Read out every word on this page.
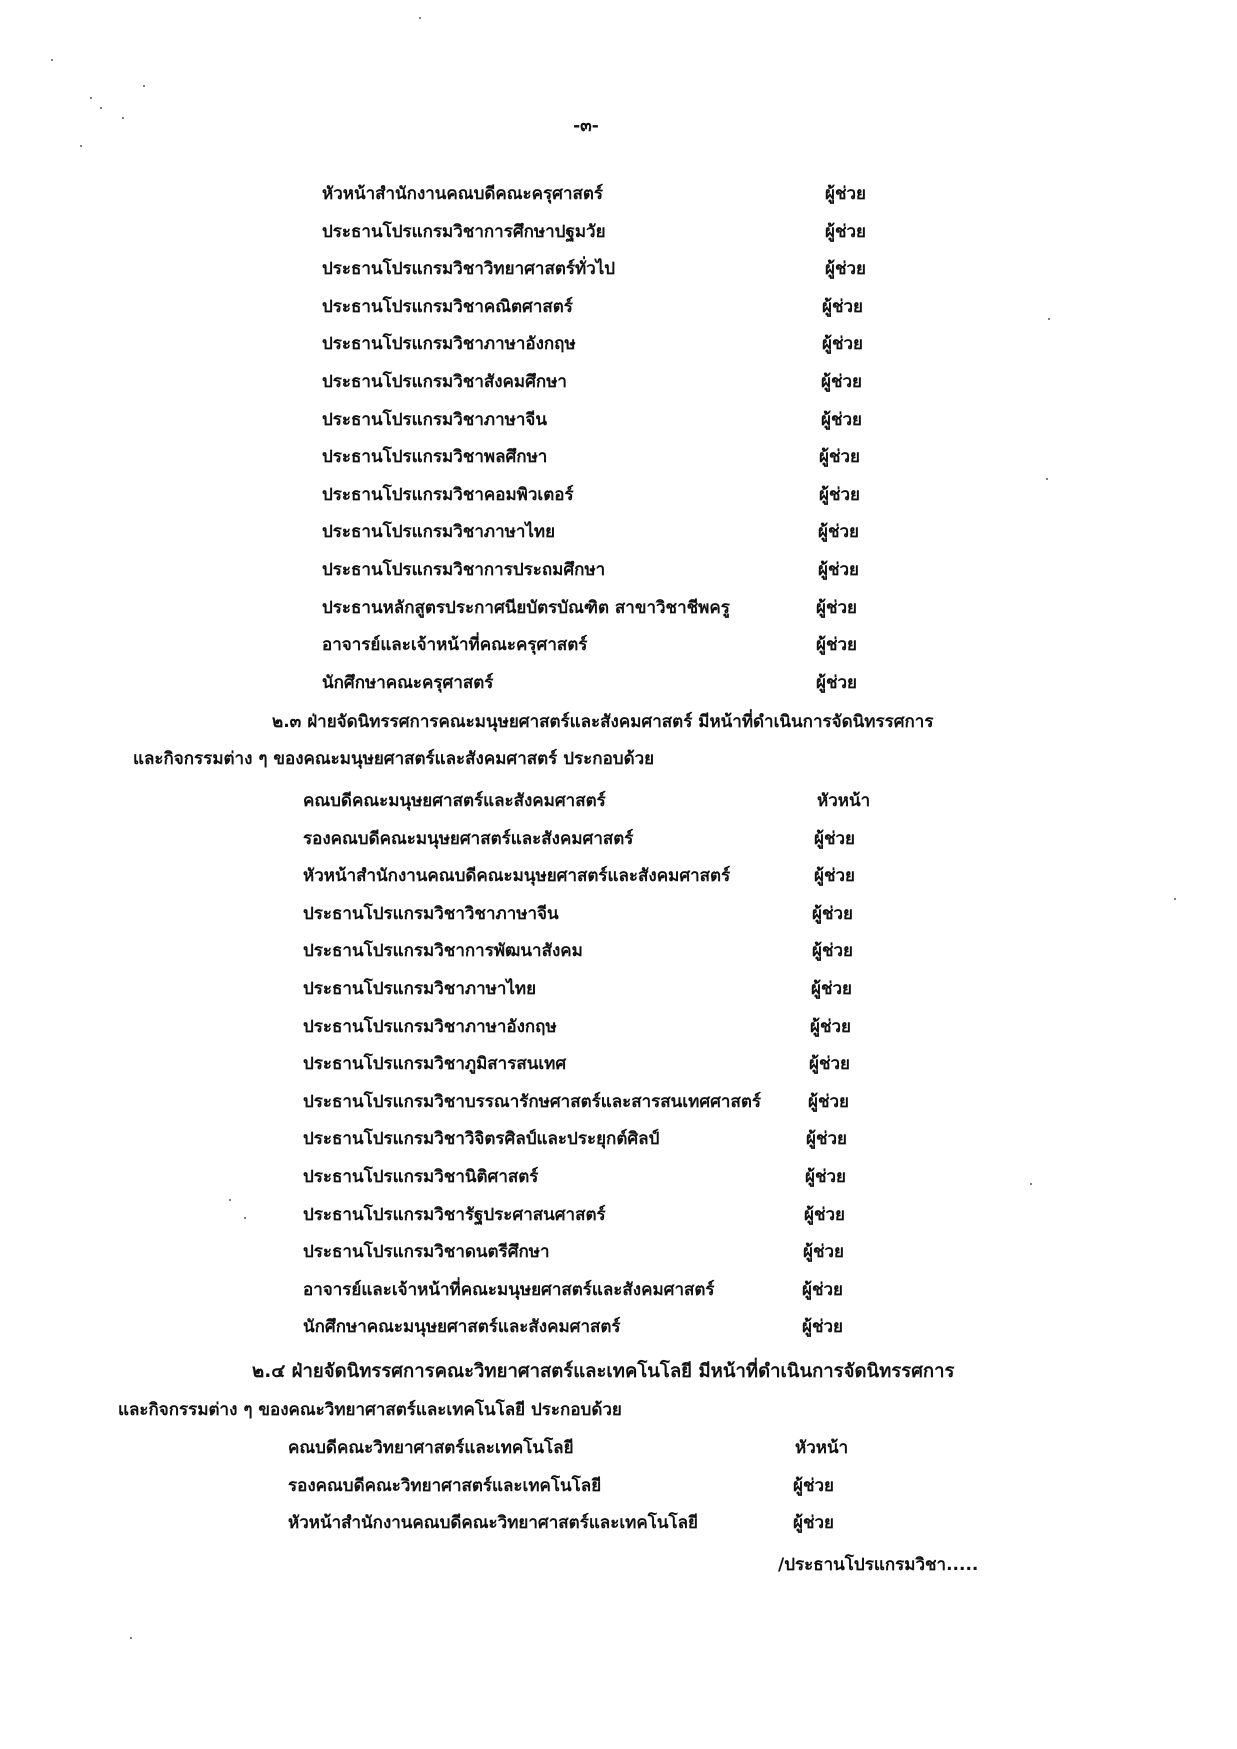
-๓-
หัวหน้าสำนักงานคณบดีคณะครุศาสตร์	ผู้ช่วย
ประธานโปรแกรมวิชาการศึกษาปฐมวัย	ผู้ช่วย
ประธานโปรแกรมวิชาวิทยาศาสตร์ทั่วไป	ผู้ช่วย
ประธานโปรแกรมวิชาคณิตศาสตร์	ผู้ช่วย
ประธานโปรแกรมวิชาภาษาอังกฤษ	ผู้ช่วย
ประธานโปรแกรมวิชาสังคมศึกษา	ผู้ช่วย
ประธานโปรแกรมวิชาภาษาจีน	ผู้ช่วย
ประธานโปรแกรมวิชาพลศึกษา	ผู้ช่วย
ประธานโปรแกรมวิชาคอมพิวเตอร์	ผู้ช่วย
ประธานโปรแกรมวิชาภาษาไทย	ผู้ช่วย
ประธานโปรแกรมวิชาการประถมศึกษา	ผู้ช่วย
ประธานหลักสูตรประกาศนียบัตรบัณฑิต สาขาวิชาชีพครู	ผู้ช่วย
อาจารย์และเจ้าหน้าที่คณะครุศาสตร์	ผู้ช่วย
นักศึกษาคณะครุศาสตร์	ผู้ช่วย
๒.๓ ฝ่ายจัดนิทรรศการคณะมนุษยศาสตร์และสังคมศาสตร์ มีหน้าที่ดำเนินการจัดนิทรรศการ
และกิจกรรมต่าง ๆ ของคณะมนุษยศาสตร์และสังคมศาสตร์ ประกอบด้วย
คณบดีคณะมนุษยศาสตร์และสังคมศาสตร์	หัวหน้า
รองคณบดีคณะมนุษยศาสตร์และสังคมศาสตร์	ผู้ช่วย
หัวหน้าสำนักงานคณบดีคณะมนุษยศาสตร์และสังคมศาสตร์	ผู้ช่วย
ประธานโปรแกรมวิชาวิชาภาษาจีน	ผู้ช่วย
ประธานโปรแกรมวิชาการพัฒนาสังคม	ผู้ช่วย
ประธานโปรแกรมวิชาภาษาไทย	ผู้ช่วย
ประธานโปรแกรมวิชาภาษาอังกฤษ	ผู้ช่วย
ประธานโปรแกรมวิชาภูมิสารสนเทศ	ผู้ช่วย
ประธานโปรแกรมวิชาบรรณารักษศาสตร์และสารสนเทศศาสตร์	ผู้ช่วย
ประธานโปรแกรมวิชาวิจิตรศิลป์และประยุกต์ศิลป์	ผู้ช่วย
ประธานโปรแกรมวิชานิติศาสตร์	ผู้ช่วย
ประธานโปรแกรมวิชารัฐประศาสนศาสตร์	ผู้ช่วย
ประธานโปรแกรมวิชาดนตรีศึกษา	ผู้ช่วย
อาจารย์และเจ้าหน้าที่คณะมนุษยศาสตร์และสังคมศาสตร์	ผู้ช่วย
นักศึกษาคณะมนุษยศาสตร์และสังคมศาสตร์	ผู้ช่วย
๒.๔ ฝ่ายจัดนิทรรศการคณะวิทยาศาสตร์และเทคโนโลยี มีหน้าที่ดำเนินการจัดนิทรรศการ
และกิจกรรมต่าง ๆ ของคณะวิทยาศาสตร์และเทคโนโลยี ประกอบด้วย
คณบดีคณะวิทยาศาสตร์และเทคโนโลยี	หัวหน้า
รองคณบดีคณะวิทยาศาสตร์และเทคโนโลยี	ผู้ช่วย
หัวหน้าสำนักงานคณบดีคณะวิทยาศาสตร์และเทคโนโลยี	ผู้ช่วย
/ประธานโปรแกรมวิชา.....
